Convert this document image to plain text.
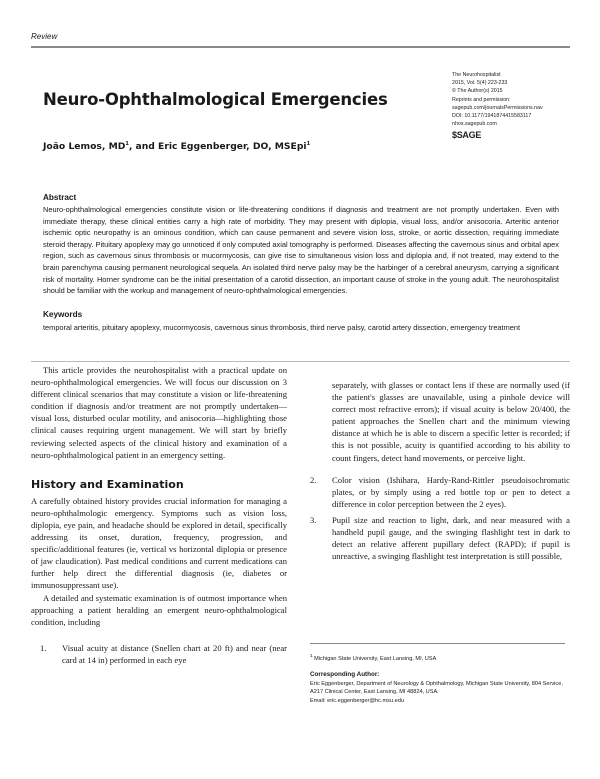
Review
Neuro-Ophthalmological Emergencies
João Lemos, $MD^1$, and Eric Eggenberger, DO, MSEpi$^1$
The Neurohospitalist
2015, Vol. 5(4) 223-233
© The Author(s) 2015
Reprints and permission:
sagepub.com/journalsPermissions.nav
DOI: 10.1177/1941874415583117
nhos.sagepub.com
$SAGE
Abstract

Neuro-ophthalmological emergencies constitute vision or life-threatening conditions if diagnosis and treatment are not promptly undertaken. Even with immediate therapy, these clinical entities carry a high rate of morbidity. They may present with diplopia, visual loss, and/or anisocoria. Arteritic anterior ischemic optic neuropathy is an ominous condition, which can cause permanent and severe vision loss, stroke, or aortic dissection, requiring immediate steroid therapy. Pituitary apoplexy may go unnoticed if only computed axial tomography is performed. Diseases affecting the cavernous sinus and orbital apex region, such as cavernous sinus thrombosis or mucormycosis, can give rise to simultaneous vision loss and diplopia and, if not treated, may extend to the brain parenchyma causing permanent neurological sequela. An isolated third nerve palsy may be the harbinger of a cerebral aneurysm, carrying a significant risk of mortality. Horner syndrome can be the initial presentation of a carotid dissection, an important cause of stroke in the young adult. The neurohospitalist should be familiar with the workup and management of neuro-ophthalmological emergencies.

Keywords

temporal arteritis, pituitary apoplexy, mucormycosis, cavernous sinus thrombosis, third nerve palsy, carotid artery dissection, emergency treatment

This article provides the neurohospitalist with a practical update on neuro-ophthalmological emergencies. We will focus our discussion on 3 different clinical scenarios that may constitute a vision or life-threatening condition if diagnosis and/or treatment are not promptly undertaken—visual loss, disturbed ocular motility, and anisocoria—highlighting those clinical causes requiring urgent management. We will start by briefly reviewing selected aspects of the clinical history and examination of a neuro-ophthalmological patient in an emergency setting.

History and Examination

A carefully obtained history provides crucial information for managing a neuro-ophthalmologic emergency. Symptoms such as vision loss, diplopia, eye pain, and headache should be explored in detail, specifically addressing its onset, duration, frequency, progression, and specific/additional features (ie, vertical vs horizontal diplopia or presence of jaw claudication). Past medical conditions and current medications can further help direct the differential diagnosis (ie, diabetes or immunosuppressant use).

A detailed and systematic examination is of outmost importance when approaching a patient heralding an emergent neuro-ophthalmological condition, including

1.	Visual acuity at distance (Snellen chart at 20 ft) and near (near card at 14 in) performed in each eye

separately, with glasses or contact lens if these are normally used (if the patient's glasses are unavailable, using a pinhole device will correct most refractive errors); if visual acuity is below 20/400, the patient approaches the Snellen chart and the minimum viewing distance at which he is able to discern a specific letter is recorded; if this is not possible, acuity is quantified according to his ability to count fingers, detect hand movements, or perceive light.

2.	Color vision (Ishihara, Hardy-Rand-Rittler pseudoisochromatic plates, or by simply using a red bottle top or pen to detect a difference in color perception between the 2 eyes).
3.	Pupil size and reaction to light, dark, and near measured with a handheld pupil gauge, and the swinging flashlight test in dark to detect an relative afferent pupillary defect (RAPD); if pupil is unreactive, a swinging flashlight test interpretation is still possible,
$^1$ Michigan State University, East Lansing, MI, USA
Corresponding Author:
Eric Eggenberger, Department of Neurology & Ophthalmology, Michigan State University, 804 Service, A217 Clinical Center, East Lansing, MI 48824, USA.
Email: eric.eggenberger@hc.msu.edu
